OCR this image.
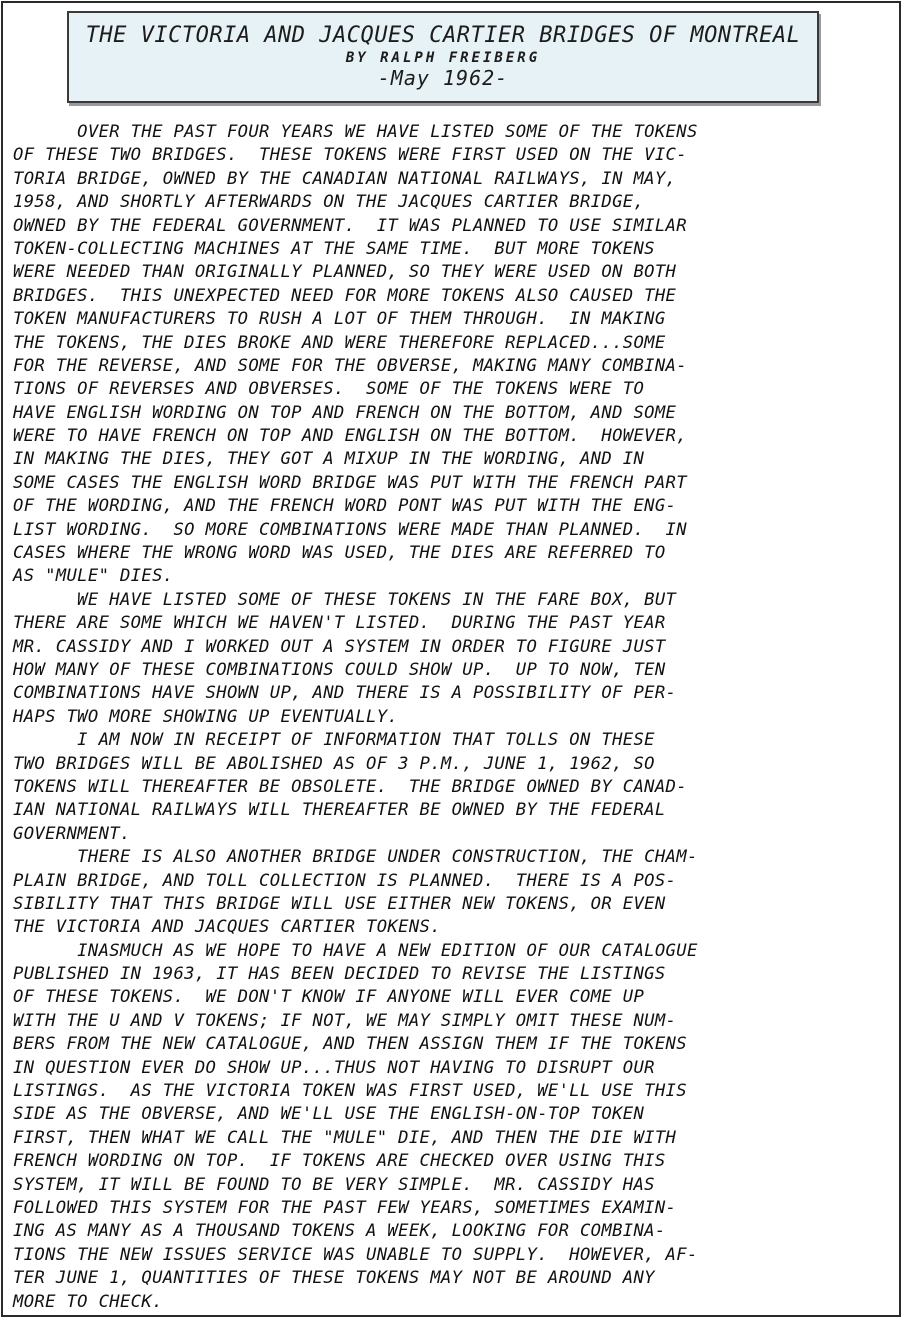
THE VICTORIA AND JACQUES CARTIER BRIDGES OF MONTREAL
BY RALPH FREIBERG
-May 1962-
OVER THE PAST FOUR YEARS WE HAVE LISTED SOME OF THE TOKENS
OF THESE TWO BRIDGES.  THESE TOKENS WERE FIRST USED ON THE VIC-
TORIA BRIDGE, OWNED BY THE CANADIAN NATIONAL RAILWAYS, IN MAY,
1958, AND SHORTLY AFTERWARDS ON THE JACQUES CARTIER BRIDGE,
OWNED BY THE FEDERAL GOVERNMENT.  IT WAS PLANNED TO USE SIMILAR
TOKEN-COLLECTING MACHINES AT THE SAME TIME.  BUT MORE TOKENS
WERE NEEDED THAN ORIGINALLY PLANNED, SO THEY WERE USED ON BOTH
BRIDGES.  THIS UNEXPECTED NEED FOR MORE TOKENS ALSO CAUSED THE
TOKEN MANUFACTURERS TO RUSH A LOT OF THEM THROUGH.  IN MAKING
THE TOKENS, THE DIES BROKE AND WERE THEREFORE REPLACED...SOME
FOR THE REVERSE, AND SOME FOR THE OBVERSE, MAKING MANY COMBINA-
TIONS OF REVERSES AND OBVERSES.  SOME OF THE TOKENS WERE TO
HAVE ENGLISH WORDING ON TOP AND FRENCH ON THE BOTTOM, AND SOME
WERE TO HAVE FRENCH ON TOP AND ENGLISH ON THE BOTTOM.  HOWEVER,
IN MAKING THE DIES, THEY GOT A MIXUP IN THE WORDING, AND IN
SOME CASES THE ENGLISH WORD BRIDGE WAS PUT WITH THE FRENCH PART
OF THE WORDING, AND THE FRENCH WORD PONT WAS PUT WITH THE ENG-
LIST WORDING.  SO MORE COMBINATIONS WERE MADE THAN PLANNED.  IN
CASES WHERE THE WRONG WORD WAS USED, THE DIES ARE REFERRED TO
AS "MULE" DIES.
WE HAVE LISTED SOME OF THESE TOKENS IN THE FARE BOX, BUT
THERE ARE SOME WHICH WE HAVEN'T LISTED.  DURING THE PAST YEAR
MR. CASSIDY AND I WORKED OUT A SYSTEM IN ORDER TO FIGURE JUST
HOW MANY OF THESE COMBINATIONS COULD SHOW UP.  UP TO NOW, TEN
COMBINATIONS HAVE SHOWN UP, AND THERE IS A POSSIBILITY OF PER-
HAPS TWO MORE SHOWING UP EVENTUALLY.
I AM NOW IN RECEIPT OF INFORMATION THAT TOLLS ON THESE
TWO BRIDGES WILL BE ABOLISHED AS OF 3 P.M., JUNE 1, 1962, SO
TOKENS WILL THEREAFTER BE OBSOLETE.  THE BRIDGE OWNED BY CANAD-
IAN NATIONAL RAILWAYS WILL THEREAFTER BE OWNED BY THE FEDERAL
GOVERNMENT.
THERE IS ALSO ANOTHER BRIDGE UNDER CONSTRUCTION, THE CHAM-
PLAIN BRIDGE, AND TOLL COLLECTION IS PLANNED.  THERE IS A POS-
SIBILITY THAT THIS BRIDGE WILL USE EITHER NEW TOKENS, OR EVEN
THE VICTORIA AND JACQUES CARTIER TOKENS.
INASMUCH AS WE HOPE TO HAVE A NEW EDITION OF OUR CATALOGUE
PUBLISHED IN 1963, IT HAS BEEN DECIDED TO REVISE THE LISTINGS
OF THESE TOKENS.  WE DON'T KNOW IF ANYONE WILL EVER COME UP
WITH THE U AND V TOKENS; IF NOT, WE MAY SIMPLY OMIT THESE NUM-
BERS FROM THE NEW CATALOGUE, AND THEN ASSIGN THEM IF THE TOKENS
IN QUESTION EVER DO SHOW UP...THUS NOT HAVING TO DISRUPT OUR
LISTINGS.  AS THE VICTORIA TOKEN WAS FIRST USED, WE'LL USE THIS
SIDE AS THE OBVERSE, AND WE'LL USE THE ENGLISH-ON-TOP TOKEN
FIRST, THEN WHAT WE CALL THE "MULE" DIE, AND THEN THE DIE WITH
FRENCH WORDING ON TOP.  IF TOKENS ARE CHECKED OVER USING THIS
SYSTEM, IT WILL BE FOUND TO BE VERY SIMPLE.  MR. CASSIDY HAS
FOLLOWED THIS SYSTEM FOR THE PAST FEW YEARS, SOMETIMES EXAMIN-
ING AS MANY AS A THOUSAND TOKENS A WEEK, LOOKING FOR COMBINA-
TIONS THE NEW ISSUES SERVICE WAS UNABLE TO SUPPLY.  HOWEVER, AF-
TER JUNE 1, QUANTITIES OF THESE TOKENS MAY NOT BE AROUND ANY
MORE TO CHECK.
